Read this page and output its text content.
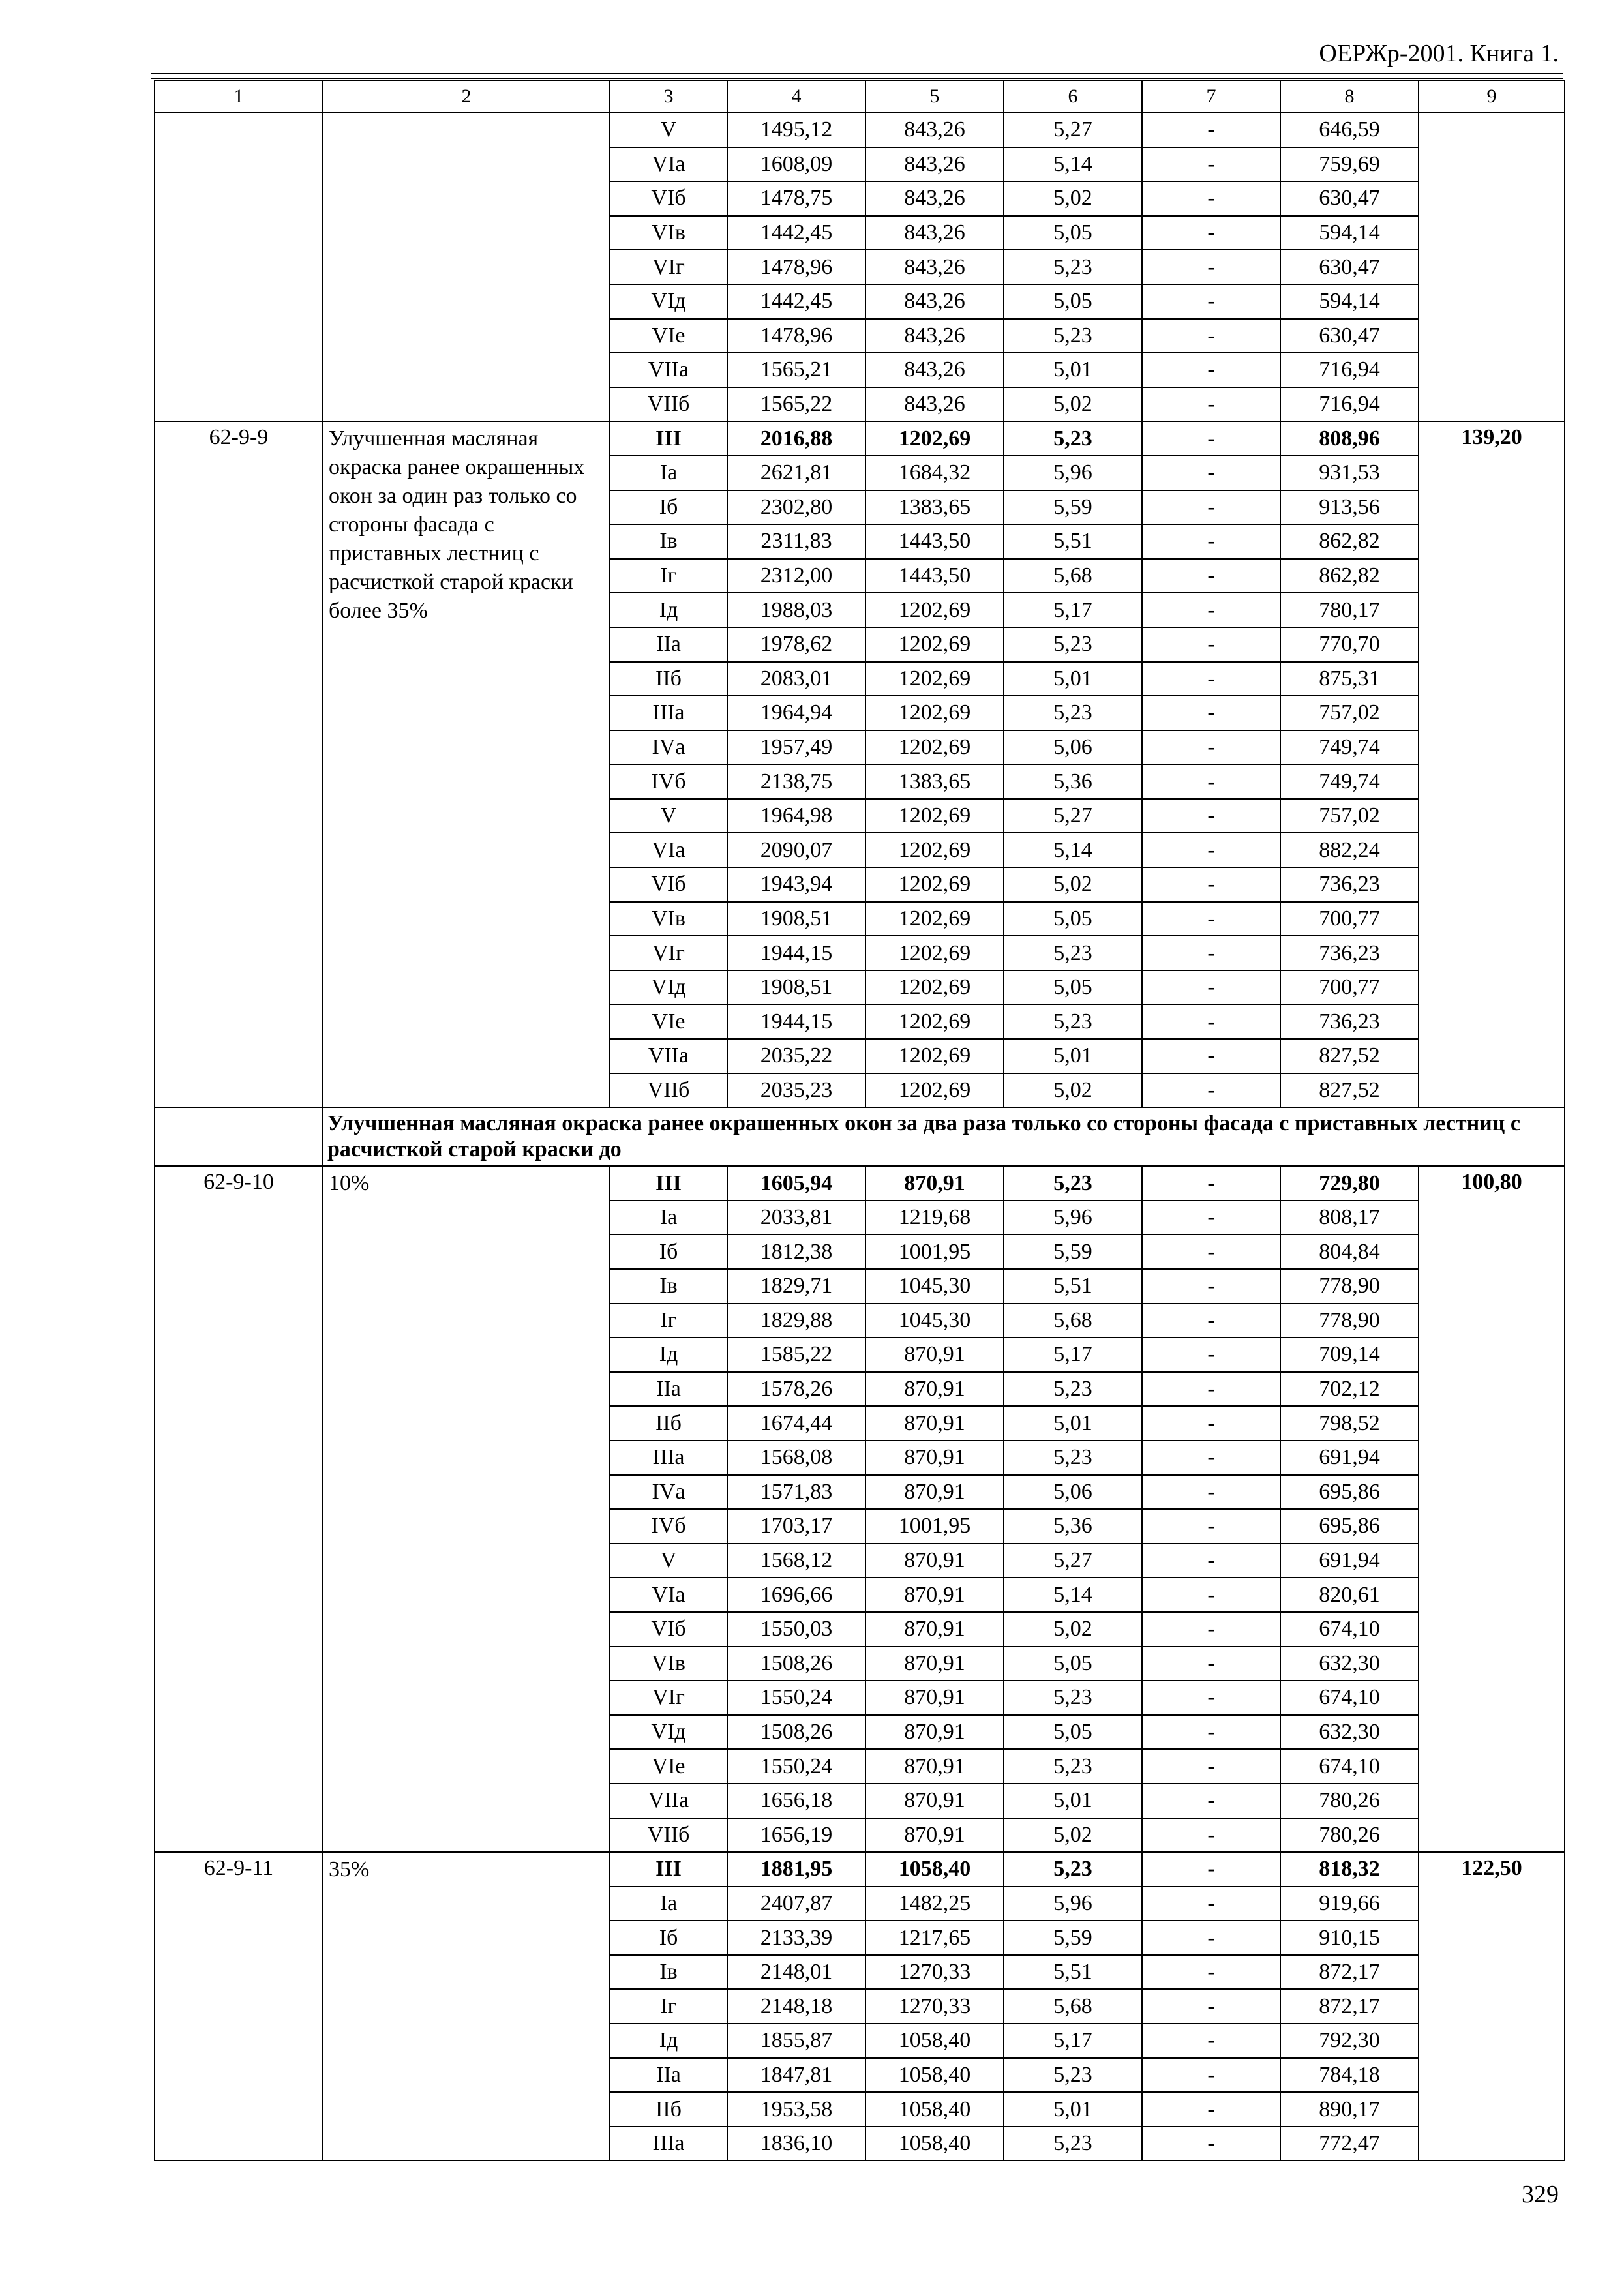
ОЕРЖр-2001. Книга 1.
1	2	3	4	5	6	7	8	9
		V	1495,12	843,26	5,27	-	646,59	
		VIа	1608,09	843,26	5,14	-	759,69	
		VIб	1478,75	843,26	5,02	-	630,47	
		VIв	1442,45	843,26	5,05	-	594,14	
		VIг	1478,96	843,26	5,23	-	630,47	
		VIд	1442,45	843,26	5,05	-	594,14	
		VIе	1478,96	843,26	5,23	-	630,47	
		VIIа	1565,21	843,26	5,01	-	716,94	
		VIIб	1565,22	843,26	5,02	-	716,94	
62-9-9	Улучшенная масляная окраска ранее окрашенных окон за один раз только со стороны фасада с приставных лестниц с расчисткой старой краски более 35%	III	2016,88	1202,69	5,23	-	808,96	139,20
		Iа	2621,81	1684,32	5,96	-	931,53	
		Iб	2302,80	1383,65	5,59	-	913,56	
		Iв	2311,83	1443,50	5,51	-	862,82	
		Iг	2312,00	1443,50	5,68	-	862,82	
		Iд	1988,03	1202,69	5,17	-	780,17	
		IIа	1978,62	1202,69	5,23	-	770,70	
		IIб	2083,01	1202,69	5,01	-	875,31	
		IIIа	1964,94	1202,69	5,23	-	757,02	
		IVа	1957,49	1202,69	5,06	-	749,74	
		IVб	2138,75	1383,65	5,36	-	749,74	
		V	1964,98	1202,69	5,27	-	757,02	
		VIа	2090,07	1202,69	5,14	-	882,24	
		VIб	1943,94	1202,69	5,02	-	736,23	
		VIв	1908,51	1202,69	5,05	-	700,77	
		VIг	1944,15	1202,69	5,23	-	736,23	
		VIд	1908,51	1202,69	5,05	-	700,77	
		VIе	1944,15	1202,69	5,23	-	736,23	
		VIIа	2035,22	1202,69	5,01	-	827,52	
		VIIб	2035,23	1202,69	5,02	-	827,52	
	Улучшенная масляная окраска ранее окрашенных окон за два раза только со стороны фасада с приставных лестниц с расчисткой старой краски до							
62-9-10	10%	III	1605,94	870,91	5,23	-	729,80	100,80
		Iа	2033,81	1219,68	5,96	-	808,17	
		Iб	1812,38	1001,95	5,59	-	804,84	
		Iв	1829,71	1045,30	5,51	-	778,90	
		Iг	1829,88	1045,30	5,68	-	778,90	
		Iд	1585,22	870,91	5,17	-	709,14	
		IIа	1578,26	870,91	5,23	-	702,12	
		IIб	1674,44	870,91	5,01	-	798,52	
		IIIа	1568,08	870,91	5,23	-	691,94	
		IVа	1571,83	870,91	5,06	-	695,86	
		IVб	1703,17	1001,95	5,36	-	695,86	
		V	1568,12	870,91	5,27	-	691,94	
		VIа	1696,66	870,91	5,14	-	820,61	
		VIб	1550,03	870,91	5,02	-	674,10	
		VIв	1508,26	870,91	5,05	-	632,30	
		VIг	1550,24	870,91	5,23	-	674,10	
		VIд	1508,26	870,91	5,05	-	632,30	
		VIе	1550,24	870,91	5,23	-	674,10	
		VIIа	1656,18	870,91	5,01	-	780,26	
		VIIб	1656,19	870,91	5,02	-	780,26	
62-9-11	35%	III	1881,95	1058,40	5,23	-	818,32	122,50
		Iа	2407,87	1482,25	5,96	-	919,66	
		Iб	2133,39	1217,65	5,59	-	910,15	
		Iв	2148,01	1270,33	5,51	-	872,17	
		Iг	2148,18	1270,33	5,68	-	872,17	
		Iд	1855,87	1058,40	5,17	-	792,30	
		IIа	1847,81	1058,40	5,23	-	784,18	
		IIб	1953,58	1058,40	5,01	-	890,17	
		IIIа	1836,10	1058,40	5,23	-	772,47	
329
